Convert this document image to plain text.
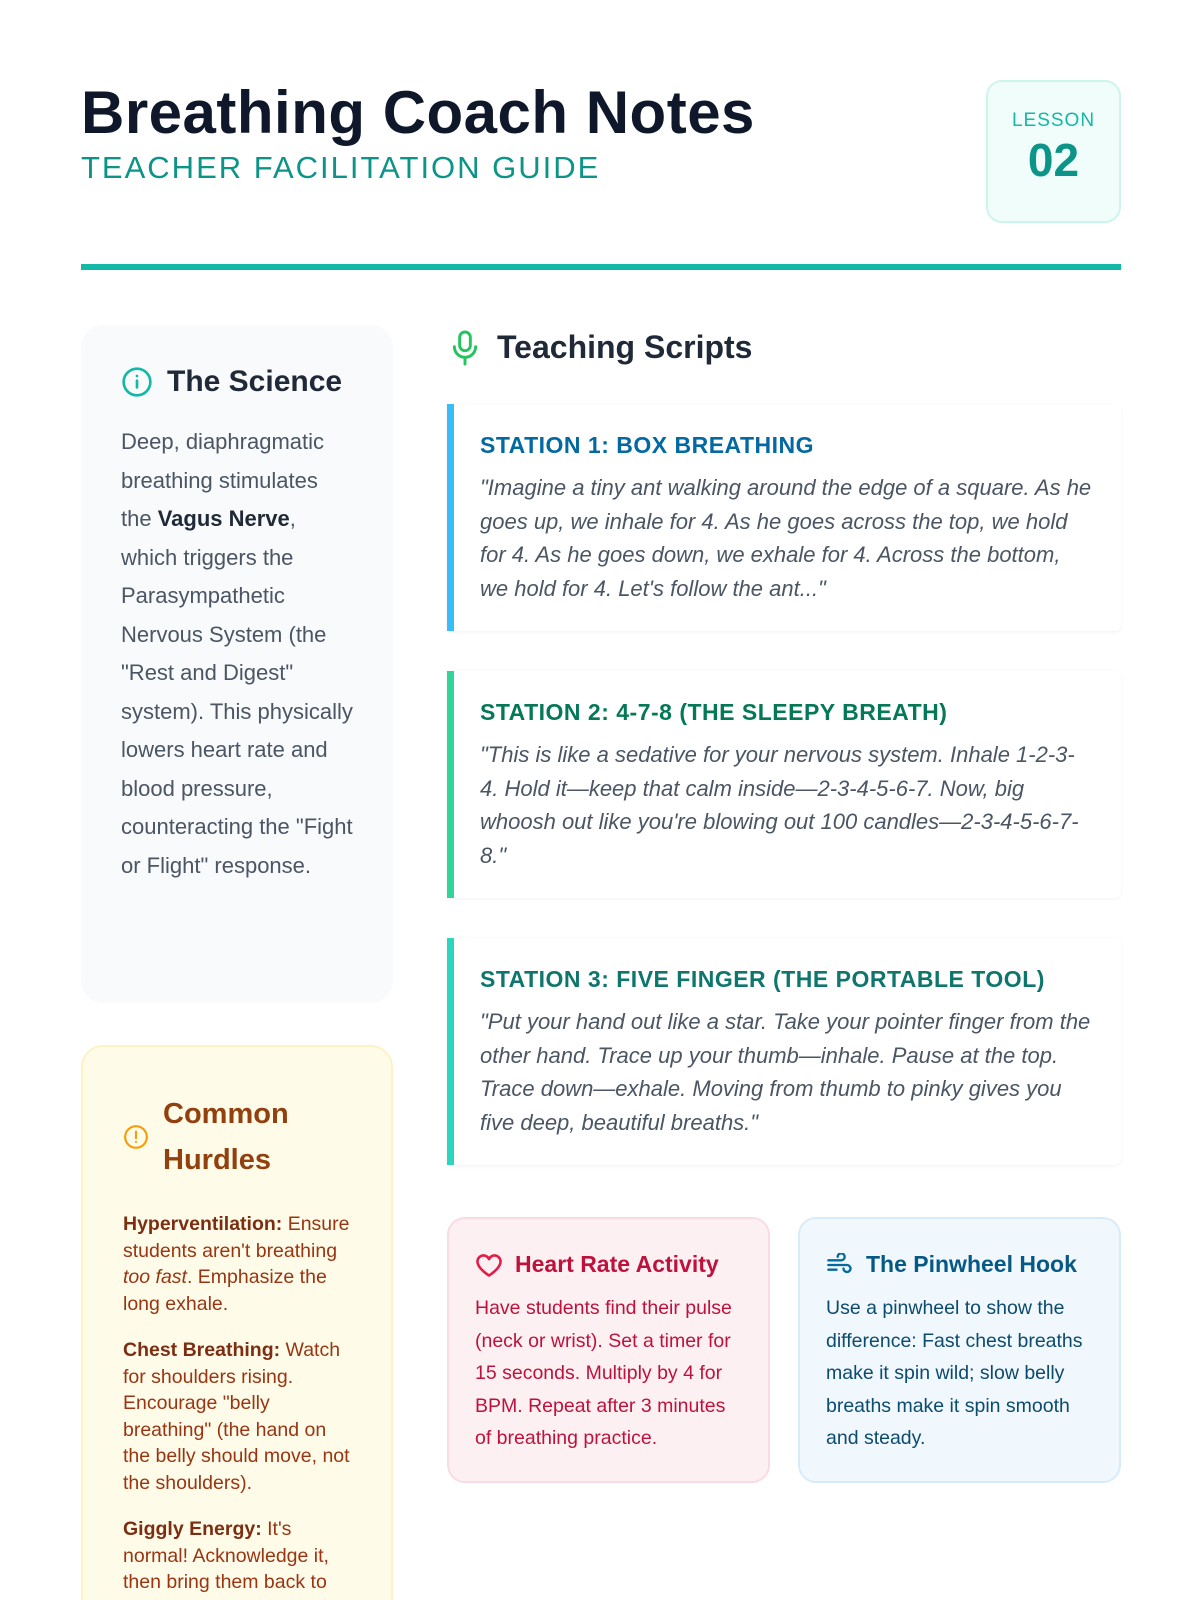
Breathing Coach Notes
TEACHER FACILITATION GUIDE
LESSON
02
The Science

Deep, diaphragmatic breathing stimulates the Vagus Nerve, which triggers the Parasympathetic Nervous System (the "Rest and Digest" system). This physically lowers heart rate and blood pressure, counteracting the "Fight or Flight" response.

Common Hurdles

Hyperventilation: Ensure students aren't breathing too fast. Emphasize the long exhale.

Chest Breathing: Watch for shoulders rising. Encourage "belly breathing" (the hand on the belly should move, not the shoulders).

Giggly Energy: It's normal! Acknowledge it, then bring them back to

Teaching Scripts
STATION 1: BOX BREATHING

"Imagine a tiny ant walking around the edge of a square. As he goes up, we inhale for 4. As he goes across the top, we hold for 4. As he goes down, we exhale for 4. Across the bottom, we hold for 4. Let's follow the ant..."

STATION 2: 4-7-8 (THE SLEEPY BREATH)

"This is like a sedative for your nervous system. Inhale 1-2-3-4. Hold it—keep that calm inside—2-3-4-5-6-7. Now, big whoosh out like you're blowing out 100 candles—2-3-4-5-6-7-8."

STATION 3: FIVE FINGER (THE PORTABLE TOOL)

"Put your hand out like a star. Take your pointer finger from the other hand. Trace up your thumb—inhale. Pause at the top. Trace down—exhale. Moving from thumb to pinky gives you five deep, beautiful breaths."

Heart Rate Activity

Have students find their pulse (neck or wrist). Set a timer for 15 seconds. Multiply by 4 for BPM. Repeat after 3 minutes of breathing practice.

The Pinwheel Hook

Use a pinwheel to show the difference: Fast chest breaths make it spin wild; slow belly breaths make it spin smooth and steady.
